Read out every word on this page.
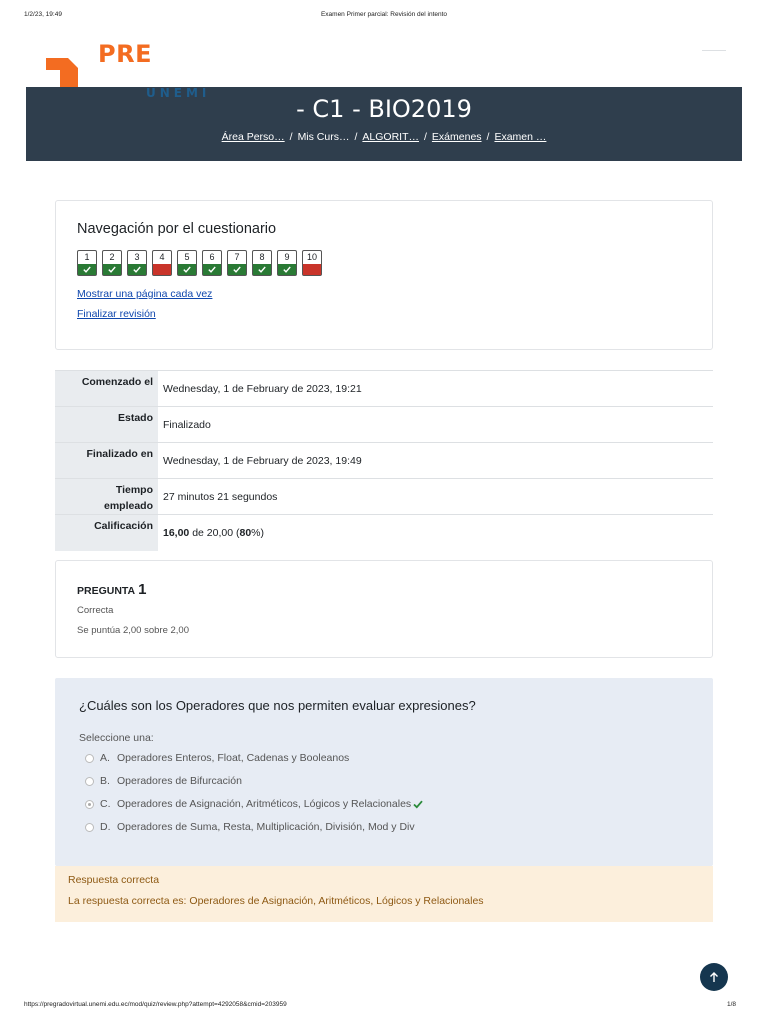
1/2/23, 19:49	Examen Primer parcial: Revisión del intento
PRE
UNEMI
- C1 - BIO2019
Área Perso… / Mis Curs… / ALGORIT… / Exámenes / Examen …
Navegación por el cuestionario
1	2	3	4	5	6	7	8	9	10
Mostrar una página cada vez
Finalizar revisión
Comenzado el	Wednesday, 1 de February de 2023, 19:21
Estado	Finalizado
Finalizado en	Wednesday, 1 de February de 2023, 19:49
Tiempo
empleado	27 minutos 21 segundos
Calificación	16,00 de 20,00 (80%)
PREGUNTA 1
Correcta
Se puntúa 2,00 sobre 2,00
¿Cuáles son los Operadores que nos permiten evaluar expresiones?
Seleccione una:
A. Operadores Enteros, Float, Cadenas y Booleanos
B. Operadores de Bifurcación
C. Operadores de Asignación, Aritméticos, Lógicos y Relacionales
D. Operadores de Suma, Resta, Multiplicación, División, Mod y Div
Respuesta correcta
La respuesta correcta es: Operadores de Asignación, Aritméticos, Lógicos y Relacionales
https://pregradovirtual.unemi.edu.ec/mod/quiz/review.php?attempt=4292058&cmid=203959	1/8
